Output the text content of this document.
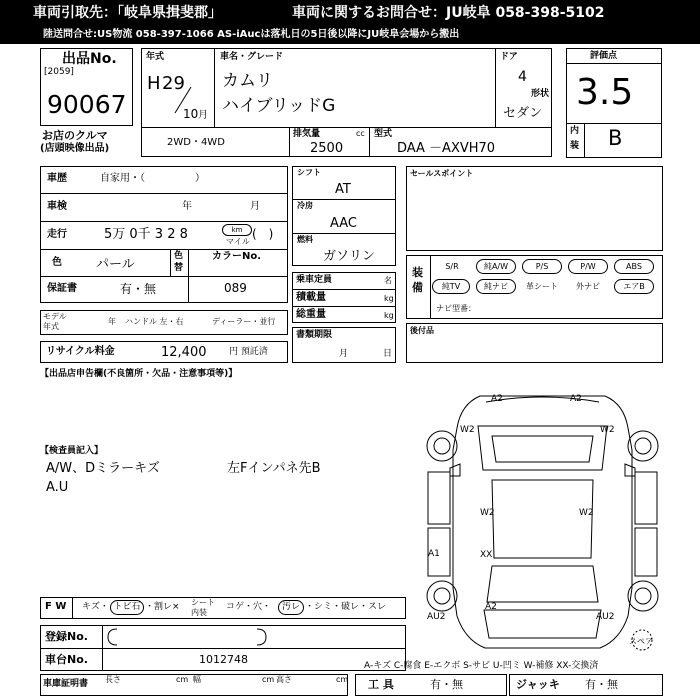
車両引取先：「岐阜県揖斐郡」	車両に関するお問合せ：JU岐阜 058-398-5102
陸送問合せ:US物流 058-397-1066 AS-iAucは落札日の5日後以降にJU岐阜会場から搬出
出品No.
[2059]
90067
お店のクルマ
(店頭映像出品)
年式
H 29
10 月
車名・グレード
カムリ
ハイブリッドG
ドア
4
形状
セダン
2WD・4WD
排気量	cc
2500
型式
DAA －AXVH70
評価点
3.5
内
装 B
車歴	自家用・（　　　　　）
車検	年	月
走行	5万 0千 3 2 8	km
マイル
(　)
色	パール
色
替
カラーNo.
089
保証書	有・無
モデル
年式
年 ハンドル 左・右	ディーラー・並行
リサイクル料金	12,400	円 預託済
【出品店申告欄(不良箇所・欠品・注意事項等)】
シフト
AT
冷房
AAC
燃料
ガソリン
乗車定員	名
積載量	kg
総重量	kg
書類期限
月	日
セールスポイント
装
備
S/R	純A/W	P/S	P/W	ABS
純TV	純ナビ	革シート	外ナビ	エアB
ナビ型番：
後付品
【検査員記入】
A/W、Dミラーキズ	左Fインパネ先B
A.U
A2	A2
W2	W2
W2	W2
A1	XX
A2
AU2	AU2
スペア
F W キズ・ トビ石 ・割レ× シート
内装
コゲ・穴・	汚レ ・シミ・破レ・スレ
登録No.
車台No.	1012748
車庫証明書 長さ	cm 幅	cm 高さ	cm
A-キズ C-腐食 E-エクボ S-サビ U-凹ミ W-補修 XX-交換済
工 具	有・無	ジャッキ 有・無
